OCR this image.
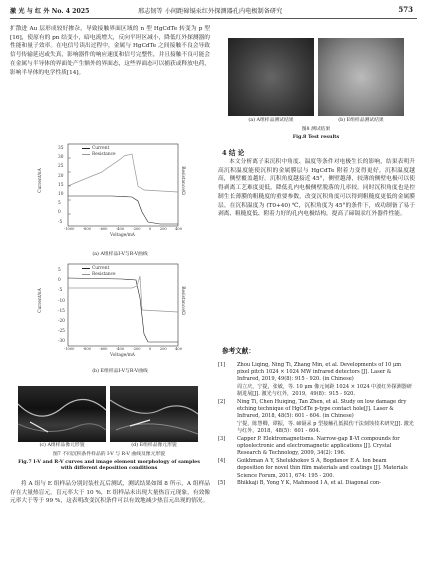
激 光 与 红 外 No. 4 2025	邢志韧等 小间距碲镉汞红外探测器孔内电极制备研究	573

扩散进 Au 层形成较好掺杂，导致接触界面区域的 n 型 HgCdTe 转变为 p 型[16]，使原有的 pn 结变小，暗电流增大，反向平坦区减小，降低红外探测器的性能和量子效率。在电信号读出过程中，金属与 HgCdTe 之间接触不良会导致信号传输延迟或失真，影响器件的响应速度和信号完整性，并且接触不良可能会在金属与半导体的界面处产生额外的界面态，这些界面态可以捕获或释放电荷，影响半导体的电学性质[14]。

Current
Resistance
Current/nA	Resistance/Ω
35
30
25
20
15
10
5
0
-5
-1000 -800 -600 -400 -200 0 200 400
Voltage/mA
(a) A组样品I-V与R-V曲线
Current
Resistance
Current/nA	Resistance/Ω
5
0
-5
-10
-15
-20
-25
-30
-1000 -800 -600 -400 -200 0 200 400
Voltage/mA
(b) E组样品I-V与R-V曲线
(c) A组样品像元形貌	(d) E组样品像元形貌
图7 不同沉积条件样品的 I-V 与 R-V 曲线及像元形貌
Fig.7 I-V and R-V curves and image element morphology of samples with different deposition conditions

将 A 组与 E 组样品分别封装杜瓦后测试，测试结果如图 8 所示，A 组样品存在大量热盲元，盲元率大于 10 %，E 组样品未出现大量热盲元现象，有效像元率大于等于 99 %，这表明改变沉积条件可以有效地减少热盲元出现的情况。

(a) A组样品测试结果	(b) E组样品测试结果
图8 测试结果
Fig.8 Test results
4 结 论

本文分析离子束沉积中角度、温度等条件对电极生长的影响，结果表明升高沉积温度能使沉积的金属膜层与 HgCdTe 附着力变得更好，沉积温度越高，侧壁覆盖越好。沉积角度越接近 45°，侧壁越薄，较薄的侧壁电极可以使得剥离工艺难度更低，降低孔内电极侧壁脱落的几率较。同时沉积角度也是控制生长薄膜的粗糙度的重要参数，改变沉积角度可以得到粗糙度更低的金属膜层。在沉积温度为 (T0+40) ℃，沉积角度为 45°的条件下，成功制备了易于剥离、粗糙度低、附着力好的孔内电极结构，提高了碲镉汞红外器件性能。

参考文献：
[1] Zhou Liqing, Ning Ti, Zhang Min, et al. Developments of 10 μm pixel pitch 1024 × 1024 MW infrared detectors [J]. Laser & Infrared, 2019, 49(8): 915 - 920. (in Chinese)
周立庆，宁提，张敏，等. 10 μm 像元间距 1024 × 1024 中波红外探测器研制进展[J]. 激光与红外，2019，49(8)：915 - 920.
[2] Ning Ti, Chen Huiqing, Tan Zhen, et al. Study on low damage dry etching technique of HgCdTe p-type contact hole[J]. Laser & Infrared, 2018, 48(5): 601 - 604. (in Chinese)
宁提，陈慧卿，谭振，等. 碲镉汞 p 型接触孔低损伤干法刻蚀技术研究[J]. 激光与红外，2018，48(5)：601 - 604.
[3] Capper P. Elektromagnetisms. Narrow-gap Ⅱ-Ⅵ compounds for optoelectronic and electromagnetic applications [J]. Crystal Research & Technology, 2009, 34(2): 196.
[4] Goikhman A Y, Shelukhokov S A, Bogdanov E A. Ion beam deposition for novel thin film materials and coatings [J]. Materials Science Forum, 2011, 674: 195 - 200.
[5] Bhikkaji B, Yong Y K, Mahmood I A, et al. Diagonal con-
